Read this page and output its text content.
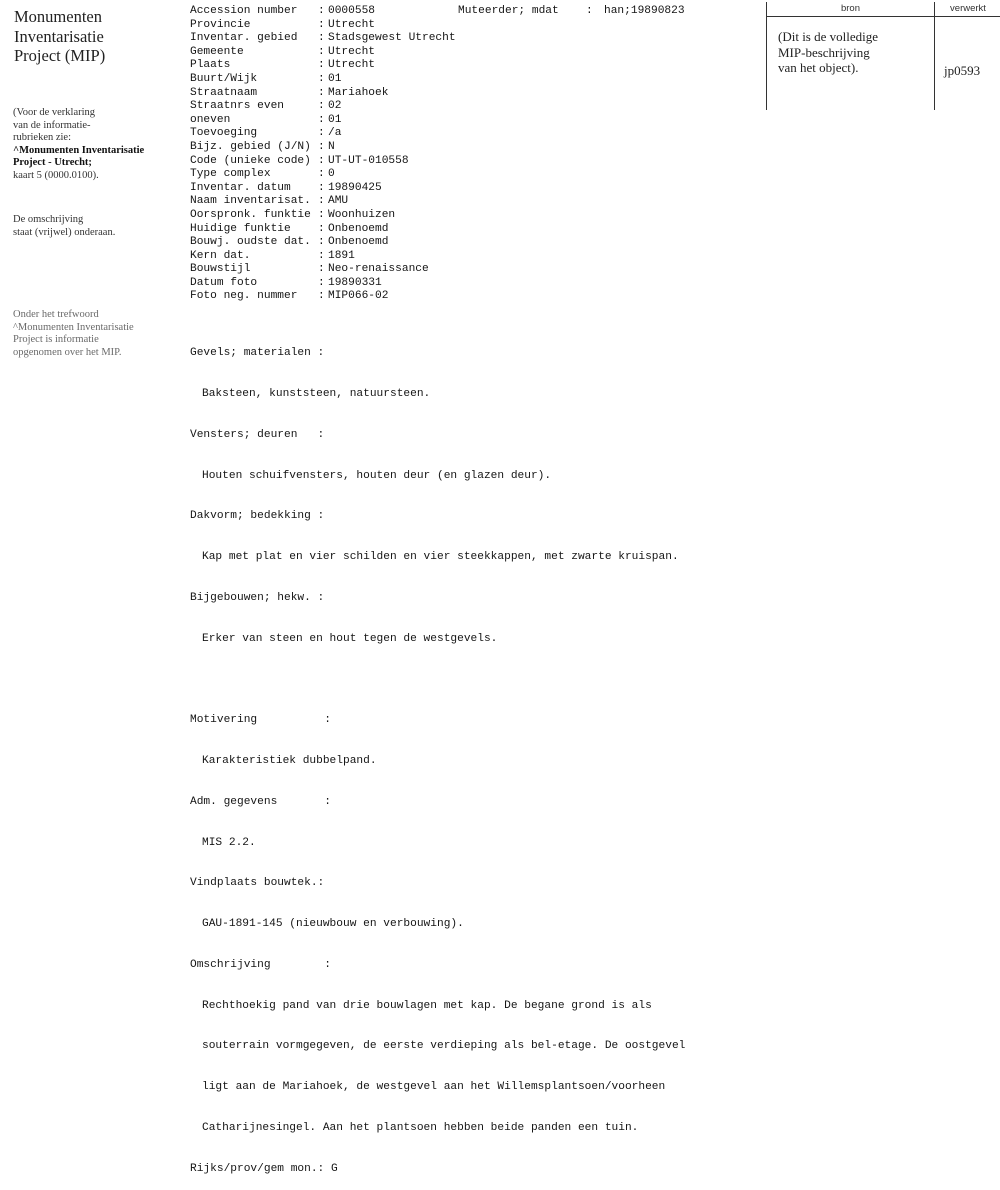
Monumenten
Inventarisatie
Project (MIP)
(Voor de verklaring
van de informatie-
rubrieken zie:
^Monumenten Inventarisatie
Project - Utrecht;
kaart 5 (0000.0100).
De omschrijving
staat (vrijwel) onderaan.
Onder het trefwoord
^Monumenten Inventarisatie
Project is informatie
opgenomen over het MIP.
Accession number	: 0000558	Muteerder; mdat	:	han;19890823
Provincie	: Utrecht
Inventar. gebied	: Stadsgewest Utrecht
Gemeente	: Utrecht
Plaats	: Utrecht
Buurt/Wijk	: 01
Straatnaam	: Mariahoek
Straatnrs even	: 02
oneven	: 01
Toevoeging	: /a
Bijz. gebied (J/N) : N
Code (unieke code) : UT-UT-010558
Type complex	: 0
Inventar. datum	: 19890425
Naam inventarisat. : AMU
Oorspronk. funktie : Woonhuizen
Huidige funktie	: Onbenoemd
Bouwj. oudste dat. : Onbenoemd
Kern dat.	: 1891
Bouwstijl	: Neo-renaissance
Datum foto	: 19890331
Foto neg. nummer	: MIP066-02

Gevels; materialen :

Baksteen, kunststeen, natuursteen.

Vensters; deuren   :

Houten schuifvensters, houten deur (en glazen deur).

Dakvorm; bedekking :

Kap met plat en vier schilden en vier steekkappen, met zwarte kruispan.

Bijgebouwen; hekw. :

Erker van steen en hout tegen de westgevels.

Motivering          :

Karakteristiek dubbelpand.

Adm. gegevens       :

MIS 2.2.

Vindplaats bouwtek.:

GAU-1891-145 (nieuwbouw en verbouwing).

Omschrijving        :

Rechthoekig pand van drie bouwlagen met kap. De begane grond is als

souterrain vormgegeven, de eerste verdieping als bel-etage. De oostgevel

ligt aan de Mariahoek, de westgevel aan het Willemsplantsoen/voorheen

Catharijnesingel. Aan het plantsoen hebben beide panden een tuin.

Rijks/prov/gem mon.: G

bron	verwerkt
(Dit is de volledige
MIP-beschrijving
van het object).	jp0593
